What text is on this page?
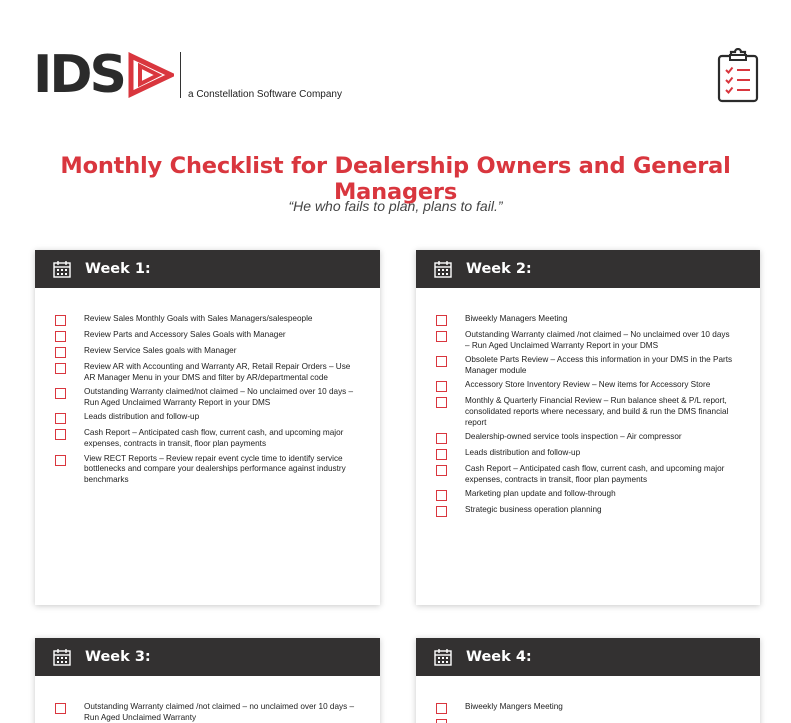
IDS	a Constellation Software Company
Monthly Checklist for Dealership Owners and General Managers
“He who fails to plan, plans to fail.”
Week 1:
Review Sales Monthly Goals with Sales Managers/salespeople
Review Parts and Accessory Sales Goals with Manager
Review Service Sales goals with Manager
Review AR with Accounting and Warranty AR, Retail Repair Orders – Use AR Manager Menu in your DMS and filter by AR/departmental code
Outstanding Warranty claimed/not claimed – No unclaimed over 10 days – Run Aged Unclaimed Warranty Report in your DMS
Leads distribution and follow-up
Cash Report – Anticipated cash flow, current cash, and upcoming major expenses, contracts in transit, floor plan payments
View RECT Reports – Review repair event cycle time to identify service bottlenecks and compare your dealerships performance against industry benchmarks
Week 2:
Biweekly Managers Meeting
Outstanding Warranty claimed /not claimed – No unclaimed over 10 days – Run Aged Unclaimed Warranty Report in your DMS
Obsolete Parts Review – Access this information in your DMS in the Parts Manager module
Accessory Store Inventory Review – New items for Accessory Store
Monthly & Quarterly Financial Review – Run balance sheet & P/L report, consolidated reports where necessary, and build & run the DMS financial report
Dealership-owned service tools inspection – Air compressor
Leads distribution and follow-up
Cash Report – Anticipated cash flow, current cash, and upcoming major expenses, contracts in transit, floor plan payments
Marketing plan update and follow-through
Strategic business operation planning
Week 3:
Outstanding Warranty claimed /not claimed – no unclaimed over 10 days – Run Aged Unclaimed Warranty
Week 4:
Biweekly Mangers Meeting
